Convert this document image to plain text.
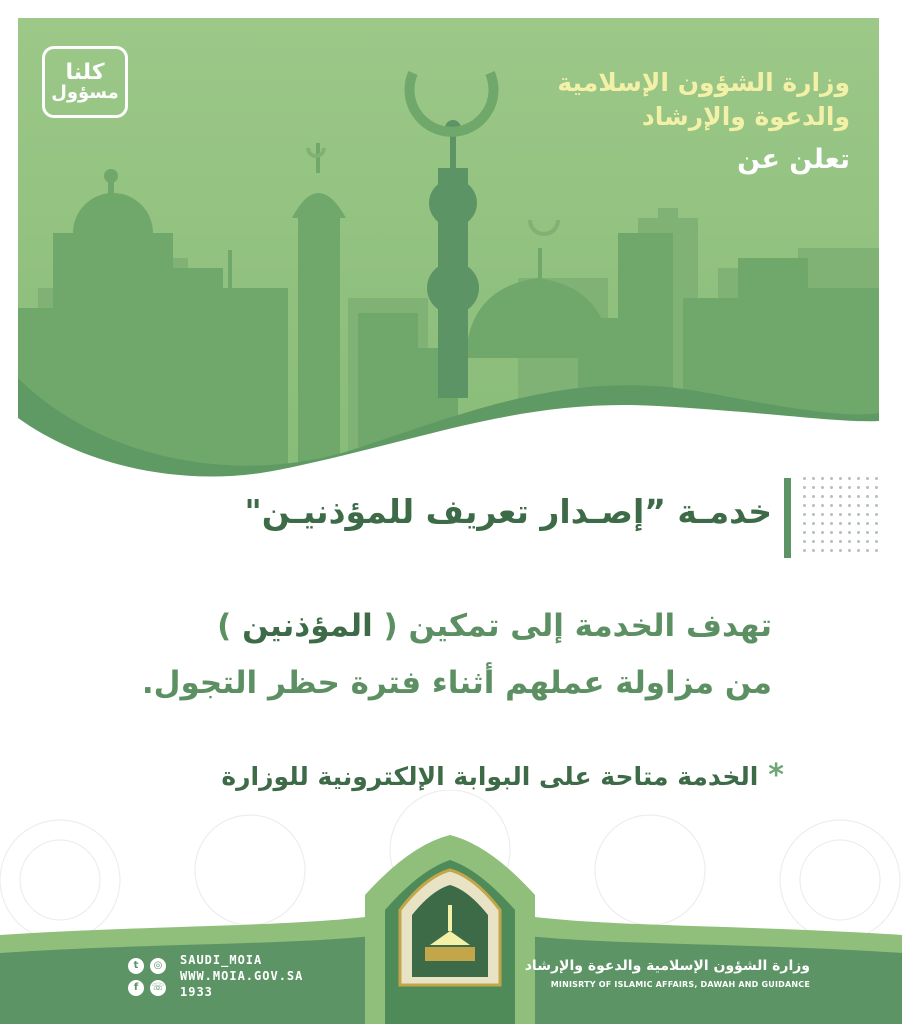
كلنا
مسؤول	وزارة الشؤون الإسلامية
والدعوة والإرشاد
تعلن عن
خدمـة ”إصـدار تعريف للمؤذنيـن"
تهدف الخدمة إلى تمكين ( المؤذنين )
من مزاولة عملهم أثناء فترة حظر التجول.
*الخدمة متاحة على البوابة الإلكترونية للوزارة
وزارة الشؤون الإسلامية والدعوة والإرشاد
MINISRTY OF ISLAMIC AFFAIRS, DAWAH AND GUIDANCE
t	◎
f	☏
SAUDI_MOIA
WWW.MOIA.GOV.SA
1933
